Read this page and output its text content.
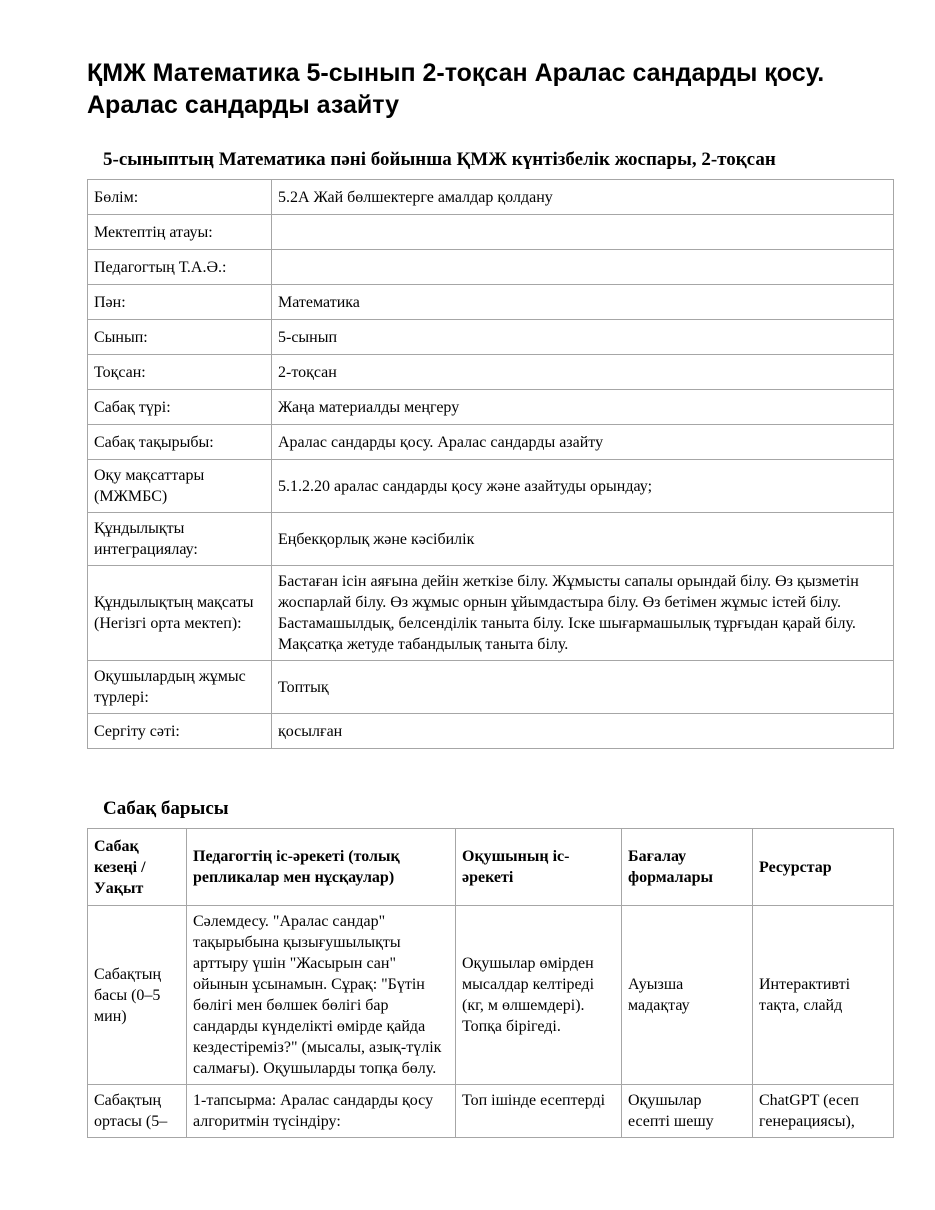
ҚМЖ Математика 5-сынып 2-тоқсан Аралас сандарды қосу. Аралас сандарды азайту
5-сыныптың Математика пәні бойынша ҚМЖ күнтізбелік жоспары, 2-тоқсан
Бөлім:	5.2А Жай бөлшектерге амалдар қолдану
Мектептің атауы:	
Педагогтың Т.А.Ә.:	
Пән:	Математика
Сынып:	5-сынып
Тоқсан:	2-тоқсан
Сабақ түрі:	Жаңа материалды меңгеру
Сабақ тақырыбы:	Аралас сандарды қосу. Аралас сандарды азайту
Оқу мақсаттары (МЖМБС)	5.1.2.20 аралас сандарды қосу және азайтуды орындау;
Құндылықты интеграциялау:	Еңбекқорлық және кәсібилік
Құндылықтың мақсаты (Негізгі орта мектеп):	Бастаған ісін аяғына дейін жеткізе білу. Жұмысты сапалы орындай білу. Өз қызметін жоспарлай білу. Өз жұмыс орнын ұйымдастыра білу. Өз бетімен жұмыс істей білу. Бастамашылдық, белсенділік таныта білу. Іске шығармашылық тұрғыдан қарай білу. Мақсатқа жетуде табандылық таныта білу.
Оқушылардың жұмыс түрлері:	Топтық
Сергіту сәті:	қосылған
Сабақ барысы
Сабақ кезеңі / Уақыт	Педагогтің іс-әрекеті (толық репликалар мен нұсқаулар)	Оқушының іс-әрекеті	Бағалау формалары	Ресурстар
Сабақтың басы (0–5 мин)	Сәлемдесу. "Аралас сандар" тақырыбына қызығушылықты арттыру үшін "Жасырын сан" ойынын ұсынамын. Сұрақ: "Бүтін бөлігі мен бөлшек бөлігі бар сандарды күнделікті өмірде қайда кездестіреміз?" (мысалы, азық-түлік салмағы). Оқушыларды топқа бөлу.	Оқушылар өмірден мысалдар келтіреді (кг, м өлшемдері). Топқа бірігеді.	Ауызша мадақтау	Интерактивті тақта, слайд
Сабақтың ортасы (5–	1-тапсырма: Аралас сандарды қосу алгоритмін түсіндіру:	Топ ішінде есептерді	Оқушылар есепті шешу	ChatGPT (есеп генерациясы),
